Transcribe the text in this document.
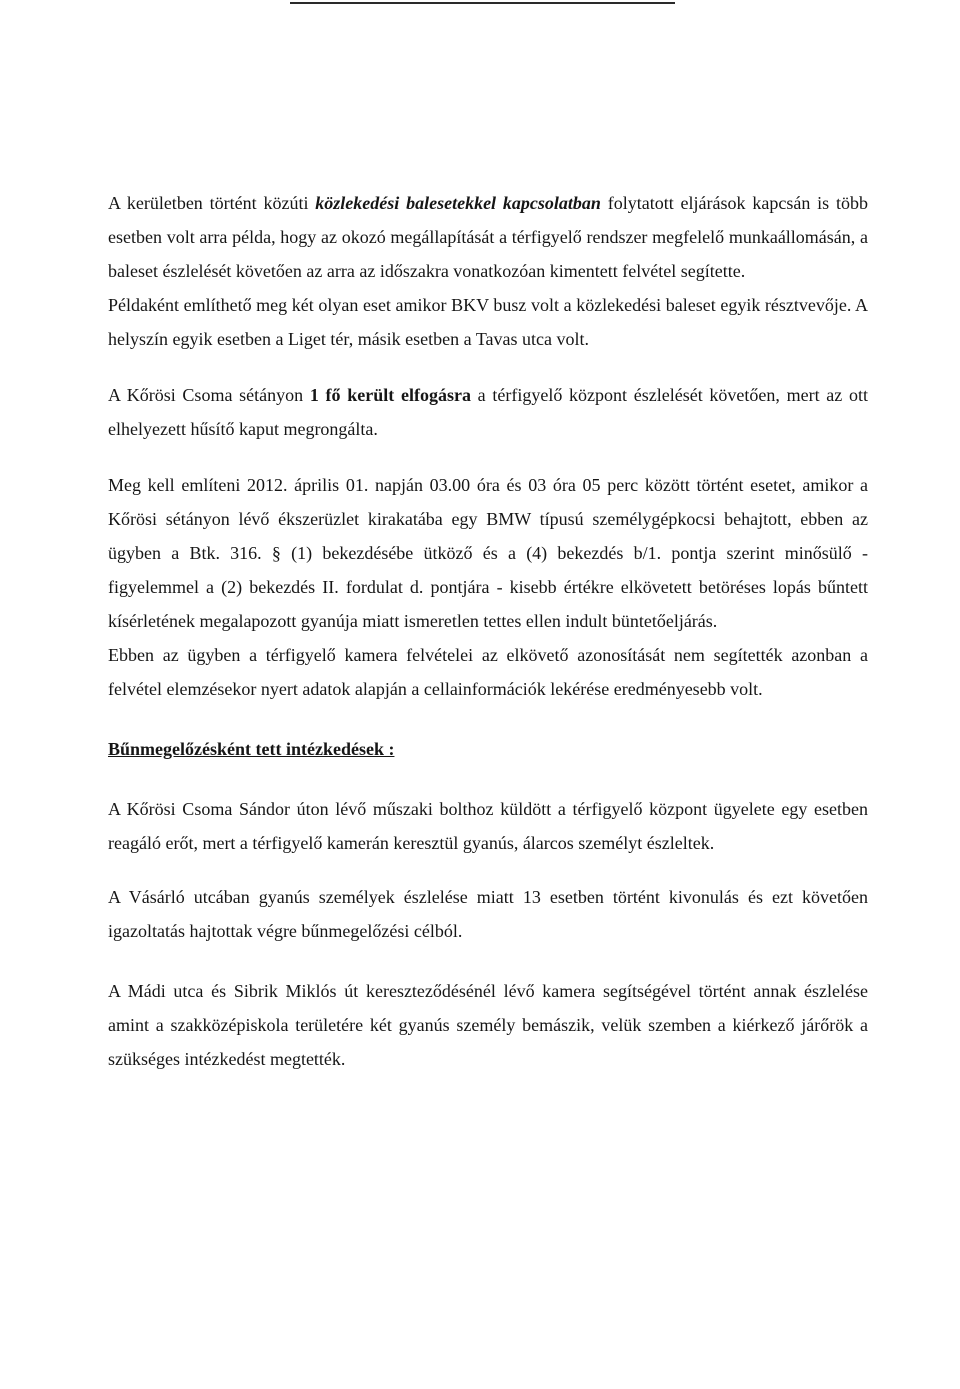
A kerületben történt közúti közlekedési balesetekkel kapcsolatban folytatott eljárások kapcsán is több esetben volt arra példa, hogy az okozó megállapítását a térfigyelő rendszer megfelelő munkaállomásán, a baleset észlelését követően az arra az időszakra vonatkozóan kimentett felvétel segítette.

Példaként említhető meg két olyan eset amikor BKV busz volt a közlekedési baleset egyik résztvevője. A helyszín egyik esetben a Liget tér, másik esetben a Tavas utca volt.

A Kőrösi Csoma sétányon 1 fő került elfogásra a térfigyelő központ észlelését követően, mert az ott elhelyezett hűsítő kaput megrongálta.

Meg kell említeni 2012. április 01. napján 03.00 óra és 03 óra 05 perc között történt esetet, amikor a Kőrösi sétányon lévő ékszerüzlet kirakatába egy BMW típusú személygépkocsi behajtott, ebben az ügyben a Btk. 316. § (1) bekezdésébe ütköző és a (4) bekezdés b/1. pontja szerint minősülő - figyelemmel a (2) bekezdés II. fordulat d. pontjára - kisebb értékre elkövetett betöréses lopás bűntett kísérletének megalapozott gyanúja miatt ismeretlen tettes ellen indult büntetőeljárás.

Ebben az ügyben a térfigyelő kamera felvételei az elkövető azonosítását nem segítették azonban a felvétel elemzésekor nyert adatok alapján a cellainformációk lekérése eredményesebb volt.

Bűnmegelőzésként tett intézkedések :

A Kőrösi Csoma Sándor úton lévő műszaki bolthoz küldött a térfigyelő központ ügyelete egy esetben reagáló erőt, mert a térfigyelő kamerán keresztül gyanús, álarcos személyt észleltek.

A Vásárló utcában gyanús személyek észlelése miatt 13 esetben történt kivonulás és ezt követően igazoltatás hajtottak végre bűnmegelőzési célból.

A Mádi utca és Sibrik Miklós út kereszteződésénél lévő kamera segítségével történt annak észlelése amint a szakközépiskola területére két gyanús személy bemászik, velük szemben a kiérkező járőrök a szükséges intézkedést megtették.
